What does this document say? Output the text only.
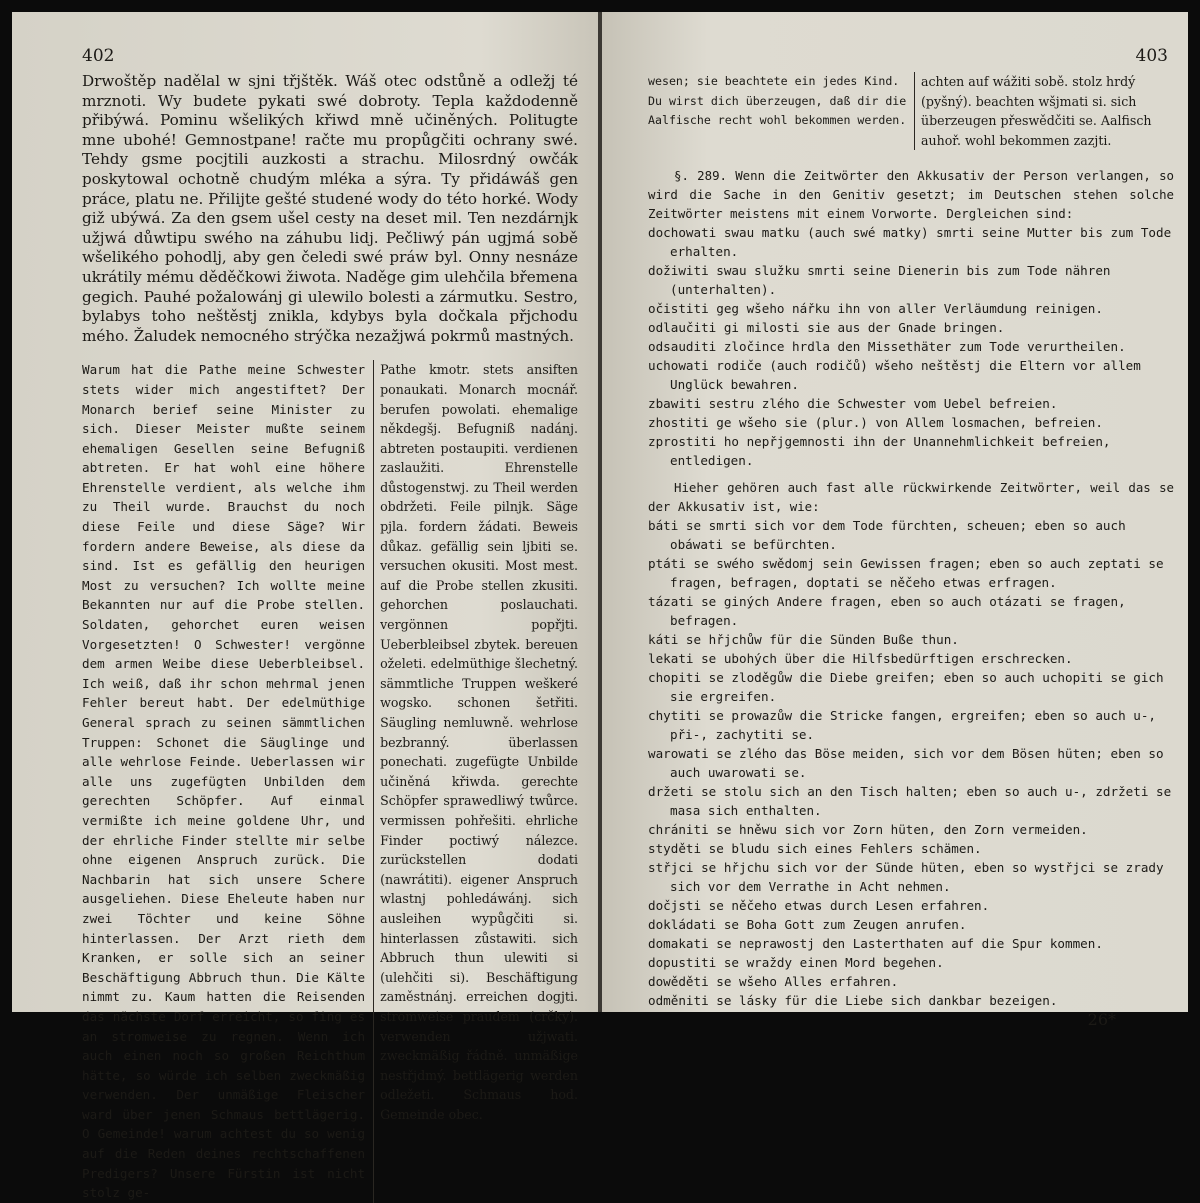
402

Drwoštěp nadělal w sjni třjštěk. Wáš otec odstůně a odležj té mrznoti. Wy budete pykati swé dobroty. Tepla každodenně přibýwá. Pominu wšelikých křiwd mně učiněných. Politugte mne ubohé! Gemnostpane! račte mu propůgčiti ochrany swé. Tehdy gsme pocjtili auzkosti a strachu. Milosrdný owčák poskytowal ochotně chudým mléka a sýra. Ty přidáwáš gen práce, platu ne. Přilijte gešté studené wody do této horké. Wody giž ubýwá. Za den gsem ušel cesty na deset mil. Ten nezdárnjk užjwá důwtipu swého na záhubu lidj. Pečliwý pán ugjmá sobě wšelikého pohodlj, aby gen čeledi swé práw byl. Onny nesnáze ukrátily mému děděčkowi žiwota. Naděge gim ulehčila břemena gegich. Pauhé požalowánj gi ulewilo bolesti a zármutku. Sestro, bylabys toho neštěstj znikla, kdybys byla dočkala přjchodu mého. Žaludek nemocného strýčka nezažjwá pokrmů mastných.

Warum hat die Pathe meine Schwester stets wider mich angestiftet? Der Monarch berief seine Minister zu sich. Dieser Meister mußte seinem ehemaligen Gesellen seine Befugniß abtreten. Er hat wohl eine höhere Ehrenstelle verdient, als welche ihm zu Theil wurde. Brauchst du noch diese Feile und diese Säge? Wir fordern andere Beweise, als diese da sind. Ist es gefällig den heurigen Most zu versuchen? Ich wollte meine Bekannten nur auf die Probe stellen. Soldaten, gehorchet euren weisen Vorgesetzten! O Schwester! vergönne dem armen Weibe diese Ueberbleibsel. Ich weiß, daß ihr schon mehrmal jenen Fehler bereut habt. Der edelmüthige General sprach zu seinen sämmtlichen Truppen: Schonet die Säuglinge und alle wehrlose Feinde. Ueberlassen wir alle uns zugefügten Unbilden dem gerechten Schöpfer. Auf einmal vermißte ich meine goldene Uhr, und der ehrliche Finder stellte mir selbe ohne eigenen Anspruch zurück. Die Nachbarin hat sich unsere Schere ausgeliehen. Diese Eheleute haben nur zwei Töchter und keine Söhne hinterlassen. Der Arzt rieth dem Kranken, er solle sich an seiner Beschäftigung Abbruch thun. Die Kälte nimmt zu. Kaum hatten die Reisenden das nächste Dorf erreicht, so fing es an stromweise zu regnen. Wenn ich auch einen noch so großen Reichthum hätte, so würde ich selben zweckmäßig verwenden. Der unmäßige Fleischer ward über jenen Schmaus bettlägerig. O Gemeinde! warum achtest du so wenig auf die Reden deines rechtschaffenen Predigers? Unsere Fürstin ist nicht stolz ge-

Pathe kmotr. stets ansiften ponaukati. Monarch mocnář. berufen powolati. ehemalige někdegšj. Befugniß nadánj. abtreten postaupiti. verdienen zaslaužiti. Ehrenstelle důstogenstwj. zu Theil werden obdržeti. Feile pilnjk. Säge pjla. fordern žádati. Beweis důkaz. gefällig sein ljbiti se. versuchen okusiti. Most mest. auf die Probe stellen zkusiti. gehorchen poslauchati. vergönnen popřjti. Ueberbleibsel zbytek. bereuen oželeti. edelmüthige šlechetný. sämmtliche Truppen weškeré wogsko. schonen šetřiti. Säugling nemluwně. wehrlose bezbranný. überlassen ponechati. zugefügte Unbilde učiněná křiwda. gerechte Schöpfer sprawedliwý twůrce. vermissen pohřešiti. ehrliche Finder poctiwý nálezce. zurückstellen dodati (nawrátiti). eigener Anspruch wlastnj pohledáwánj. sich ausleihen wypůgčiti si. hinterlassen zůstawiti. sich Abbruch thun ulewiti si (ulehčiti si). Beschäftigung zaměstnánj. erreichen dogjti. stromweise praudem (crčky). verwenden užjwati. zweckmäßig řádně. unmäßige nestřjdmý. bettlägerig werden odležeti. Schmaus hod. Gemeinde obec.

403
wesen; sie beachtete ein jedes Kind. Du wirst dich überzeugen, daß dir die Aalfische recht wohl bekommen werden.
achten auf wážiti sobě. stolz hrdý (pyšný). beachten wšjmati si. sich überzeugen přeswědčiti se. Aalfisch auhoř. wohl bekommen zazjti.

§. 289. Wenn die Zeitwörter den Akkusativ der Person verlangen, so wird die Sache in den Genitiv gesetzt; im Deutschen stehen solche Zeitwörter meistens mit einem Vorworte. Dergleichen sind:

dochowati swau matku (auch swé matky) smrti seine Mutter bis zum Tode erhalten.
dožiwiti swau služku smrti seine Dienerin bis zum Tode nähren (unterhalten).
očistiti geg wšeho nářku ihn von aller Verläumdung reinigen.
odlaučiti gi milosti sie aus der Gnade bringen.
odsauditi zločince hrdla den Missethäter zum Tode verurtheilen.
uchowati rodiče (auch rodičů) wšeho neštěstj die Eltern vor allem Unglück bewahren.
zbawiti sestru zlého die Schwester vom Uebel befreien.
zhostiti ge wšeho sie (plur.) von Allem losmachen, befreien.
zprostiti ho nepřjgemnosti ihn der Unannehmlichkeit befreien, entledigen.

Hieher gehören auch fast alle rückwirkende Zeitwörter, weil das se der Akkusativ ist, wie:

báti se smrti sich vor dem Tode fürchten, scheuen; eben so auch obáwati se befürchten.
ptáti se swého swědomj sein Gewissen fragen; eben so auch zeptati se fragen, befragen, doptati se něčeho etwas erfragen.
tázati se giných Andere fragen, eben so auch otázati se fragen, befragen.
káti se hřjchůw für die Sünden Buße thun.
lekati se ubohých über die Hilfsbedürftigen erschrecken.
chopiti se zloděgůw die Diebe greifen; eben so auch uchopiti se gich sie ergreifen.
chytiti se prowazůw die Stricke fangen, ergreifen; eben so auch u-, při-, zachytiti se.
warowati se zlého das Böse meiden, sich vor dem Bösen hüten; eben so auch uwarowati se.
držeti se stolu sich an den Tisch halten; eben so auch u-, zdržeti se masa sich enthalten.
chrániti se hněwu sich vor Zorn hüten, den Zorn vermeiden.
styděti se bludu sich eines Fehlers schämen.
střjci se hřjchu sich vor der Sünde hüten, eben so wystřjci se zrady sich vor dem Verrathe in Acht nehmen.
dočjsti se něčeho etwas durch Lesen erfahren.
dokládati se Boha Gott zum Zeugen anrufen.
domakati se neprawostj den Lasterthaten auf die Spur kommen.
dopustiti se wraždy einen Mord begehen.
dowěděti se wšeho Alles erfahren.
odměniti se lásky für die Liebe sich dankbar bezeigen.
26*
